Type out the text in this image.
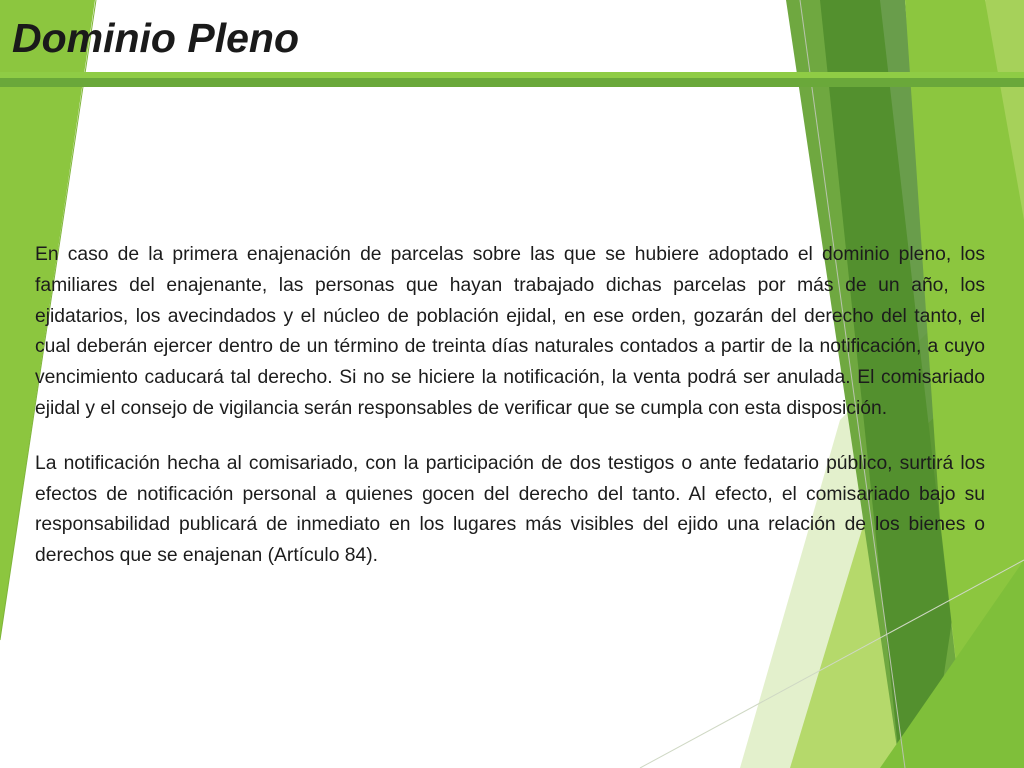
Dominio Pleno

En caso de la primera enajenación de parcelas sobre las que se hubiere adoptado el dominio pleno, los familiares del enajenante, las personas que hayan trabajado dichas parcelas por más de un año, los ejidatarios, los avecindados y el núcleo de población ejidal, en ese orden, gozarán del derecho del tanto, el cual deberán ejercer dentro de un término de treinta días naturales contados a partir de la notificación, a cuyo vencimiento caducará tal derecho. Si no se hiciere la notificación, la venta podrá ser anulada. El comisariado ejidal y el consejo de vigilancia serán responsables de verificar que se cumpla con esta disposición.

La notificación hecha al comisariado, con la participación de dos testigos o ante fedatario público, surtirá los efectos de notificación personal a quienes gocen del derecho del tanto. Al efecto, el comisariado bajo su responsabilidad publicará de inmediato en los lugares más visibles del ejido una relación de los bienes o derechos que se enajenan (Artículo 84).
